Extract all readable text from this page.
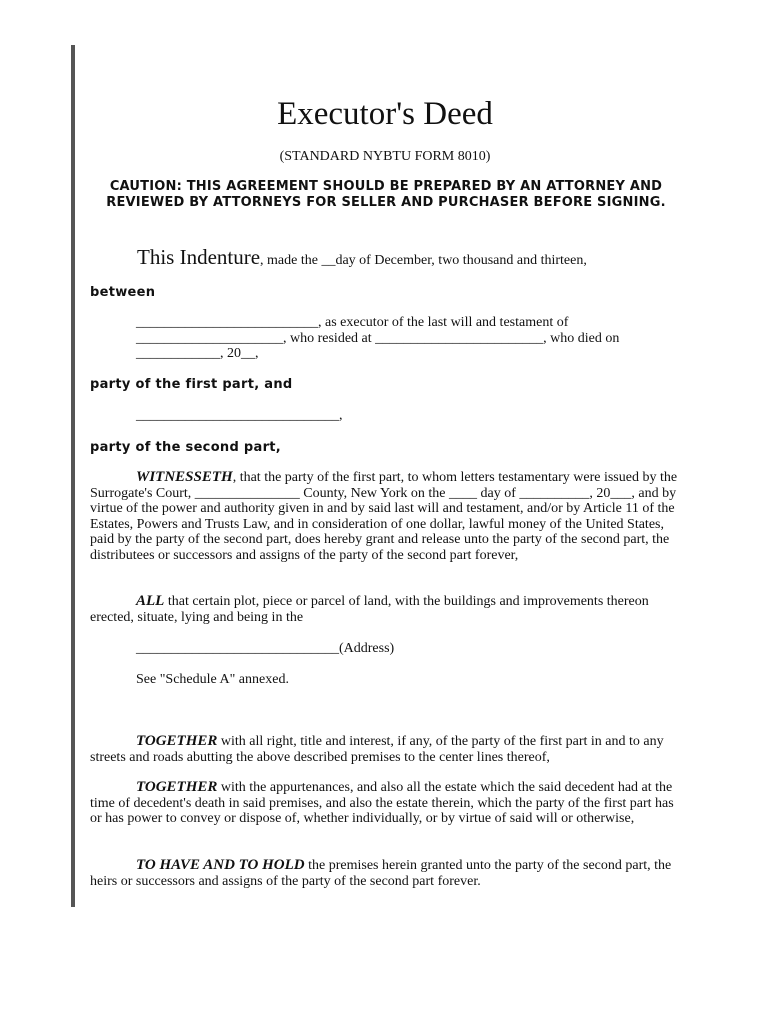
Executor's Deed
(STANDARD NYBTU FORM 8010)
CAUTION: THIS AGREEMENT SHOULD BE PREPARED BY AN ATTORNEY AND REVIEWED BY ATTORNEYS FOR SELLER AND PURCHASER BEFORE SIGNING.
This Indenture, made the __day of December, two thousand and thirteen,
between
__________________________, as executor of the last will and testament of _____________________, who resided at ________________________, who died on ____________, 20__,
party of the first part, and
_____________________________,
party of the second part,
WITNESSETH, that the party of the first part, to whom letters testamentary were issued by the Surrogate's Court, _______________ County, New York on the ____ day of __________, 20___, and by virtue of the power and authority given in and by said last will and testament, and/or by Article 11 of the Estates, Powers and Trusts Law, and in consideration of one dollar, lawful money of the United States, paid by the party of the second part, does hereby grant and release unto the party of the second part, the distributees or successors and assigns of the party of the second part forever,
ALL that certain plot, piece or parcel of land, with the buildings and improvements thereon erected, situate, lying and being in the
_____________________________(Address)
See "Schedule A" annexed.
TOGETHER with all right, title and interest, if any, of the party of the first part in and to any streets and roads abutting the above described premises to the center lines thereof,
TOGETHER with the appurtenances, and also all the estate which the said decedent had at the time of decedent's death in said premises, and also the estate therein, which the party of the first part has or has power to convey or dispose of, whether individually, or by virtue of said will or otherwise,
TO HAVE AND TO HOLD the premises herein granted unto the party of the second part, the heirs or successors and assigns of the party of the second part forever.
